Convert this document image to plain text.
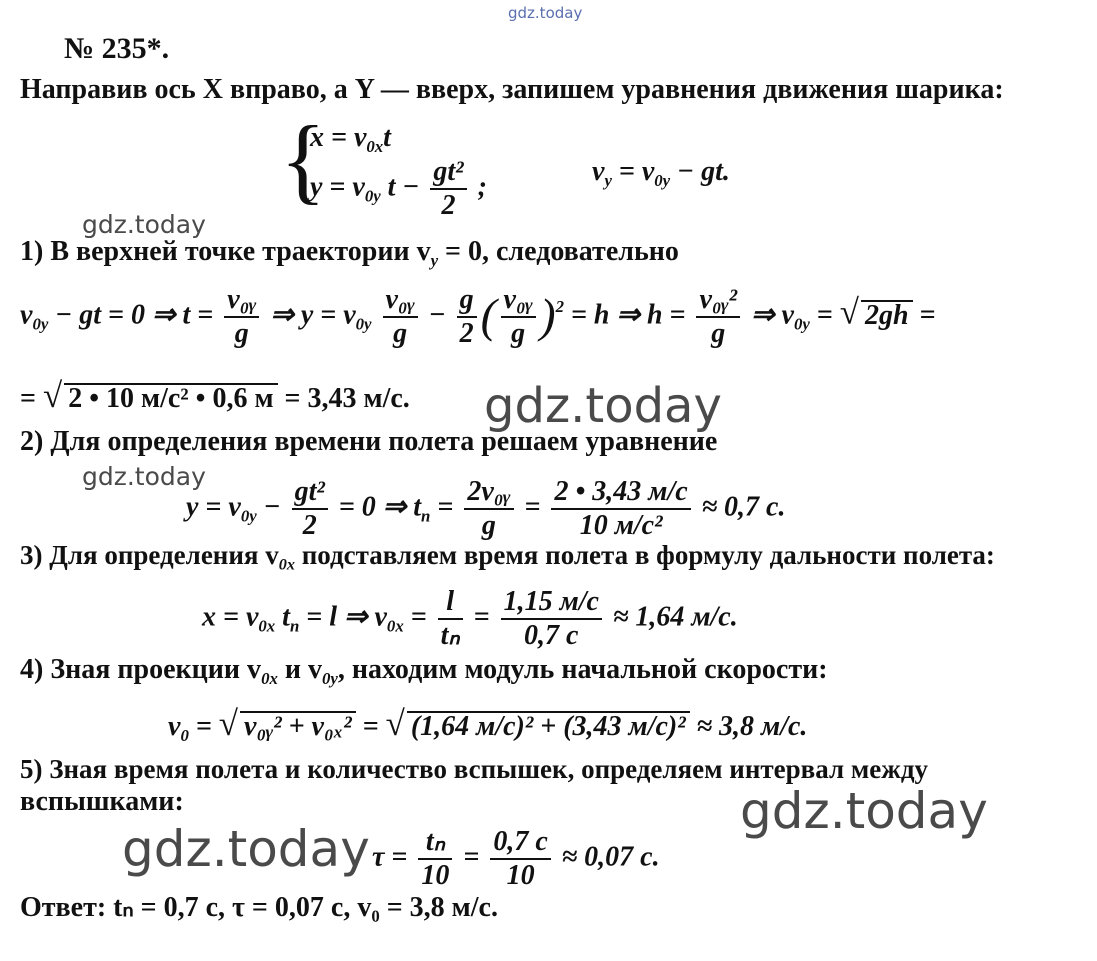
gdz.today
gdz.today
gdz.today
gdz.today
gdz.today
gdz.today
№ 235*.
Направив ось X вправо, а Y — вверх, запишем уравнения движения шарика:
{
$x = v_{0x}t$
$y = v_{0y}$ $t - \frac{\text{gt²}}{2}$ ;
$v_y = v_{0y}$ − gt.
1) В верхней точке траектории $v_y = 0$, следовательно
$v_{0y}$ − gt = 0 ⇒ $t = \frac{\text{v₀ᵧ}}{g}$ ⇒ $y = v_{0y} \frac{\text{v₀ᵧ}}{g} - \frac{g}{2}$ ( $\frac{\text{v₀ᵧ}}{g} )^2 = h$ ⇒ $h = \frac{\text{v₀ᵧ²}}{g}$ ⇒ $v_{0y}$ = √ 2gh =
= √ 2 • 10 м/с² • 0,6 м = 3,43 м/с.
2) Для определения времени полета решаем уравнение
$y = v_{0y} - \frac{\text{gt²}}{2} = 0$ ⇒ $t_п = \frac{\text{2v₀ᵧ}}{g} = \frac{2 • 3,43 м/с}{\text{10 м/с²}} \approx 0,7$ с.
3) Для определения $v_{0x}$ подставляем время полета в формулу дальности полета:
$x = v_{0x}$ $t_п = l$ ⇒ $v_{0x} = \frac{l}{\text{tₙ}} = \frac{1,15 м/с}{0,7 с} \approx 1,64$ м/с.
4) Зная проекции $v_{0x}$ и $v_{0y}$, находим модуль начальной скорости:
$v_0$ = √ v₀ᵧ² + v₀ₓ² = √ (1,64 м/с)² + (3,43 м/с)² ≈ 3,8 м/с.
5) Зная время полета и количество вспышек, определяем интервал между
вспышками:
$\tau = \frac{\text{tₙ}}{10} = \frac{0,7 с}{10} \approx 0,07$ с.
Ответ: tₙ = 0,7 с, τ = 0,07 с, v₀ = 3,8 м/с.
